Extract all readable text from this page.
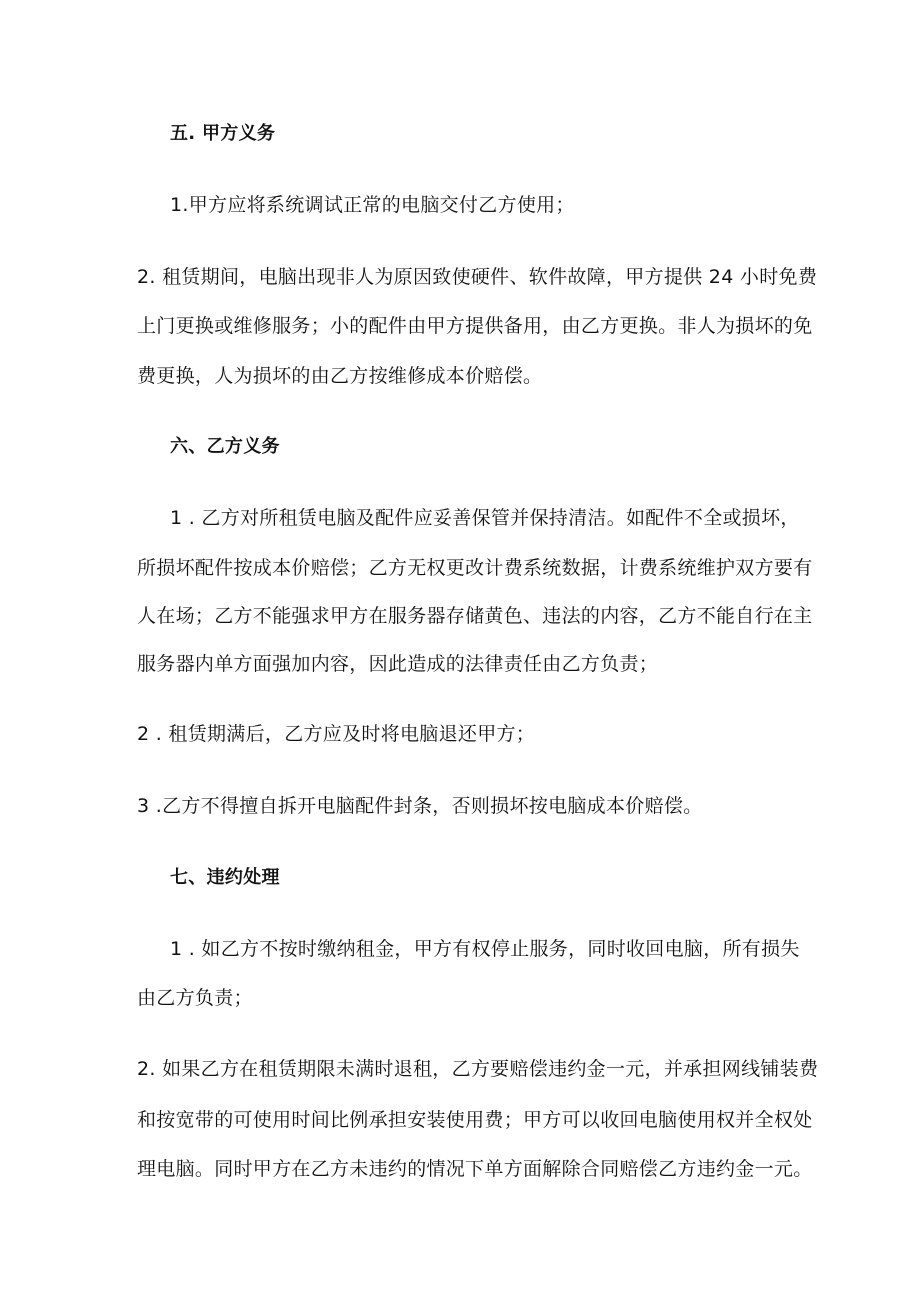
五. 甲方义务
1.甲方应将系统调试正常的电脑交付乙方使用；
2. 租赁期间，电脑出现非人为原因致使硬件、软件故障，甲方提供 24 小时免费
上门更换或维修服务；小的配件由甲方提供备用，由乙方更换。非人为损坏的免
费更换，人为损坏的由乙方按维修成本价赔偿。
六、乙方义务
1 . 乙方对所租赁电脑及配件应妥善保管并保持清洁。如配件不全或损坏，
所损坏配件按成本价赔偿；乙方无权更改计费系统数据，计费系统维护双方要有
人在场；乙方不能强求甲方在服务器存储黄色、违法的内容，乙方不能自行在主
服务器内单方面强加内容，因此造成的法律责任由乙方负责；
2 . 租赁期满后，乙方应及时将电脑退还甲方；
3 .乙方不得擅自拆开电脑配件封条，否则损坏按电脑成本价赔偿。
七、违约处理
1 . 如乙方不按时缴纳租金，甲方有权停止服务，同时收回电脑，所有损失
由乙方负责；
2. 如果乙方在租赁期限未满时退租，乙方要赔偿违约金一元，并承担网线铺装费
和按宽带的可使用时间比例承担安装使用费；甲方可以收回电脑使用权并全权处
理电脑。同时甲方在乙方未违约的情况下单方面解除合同赔偿乙方违约金一元。
